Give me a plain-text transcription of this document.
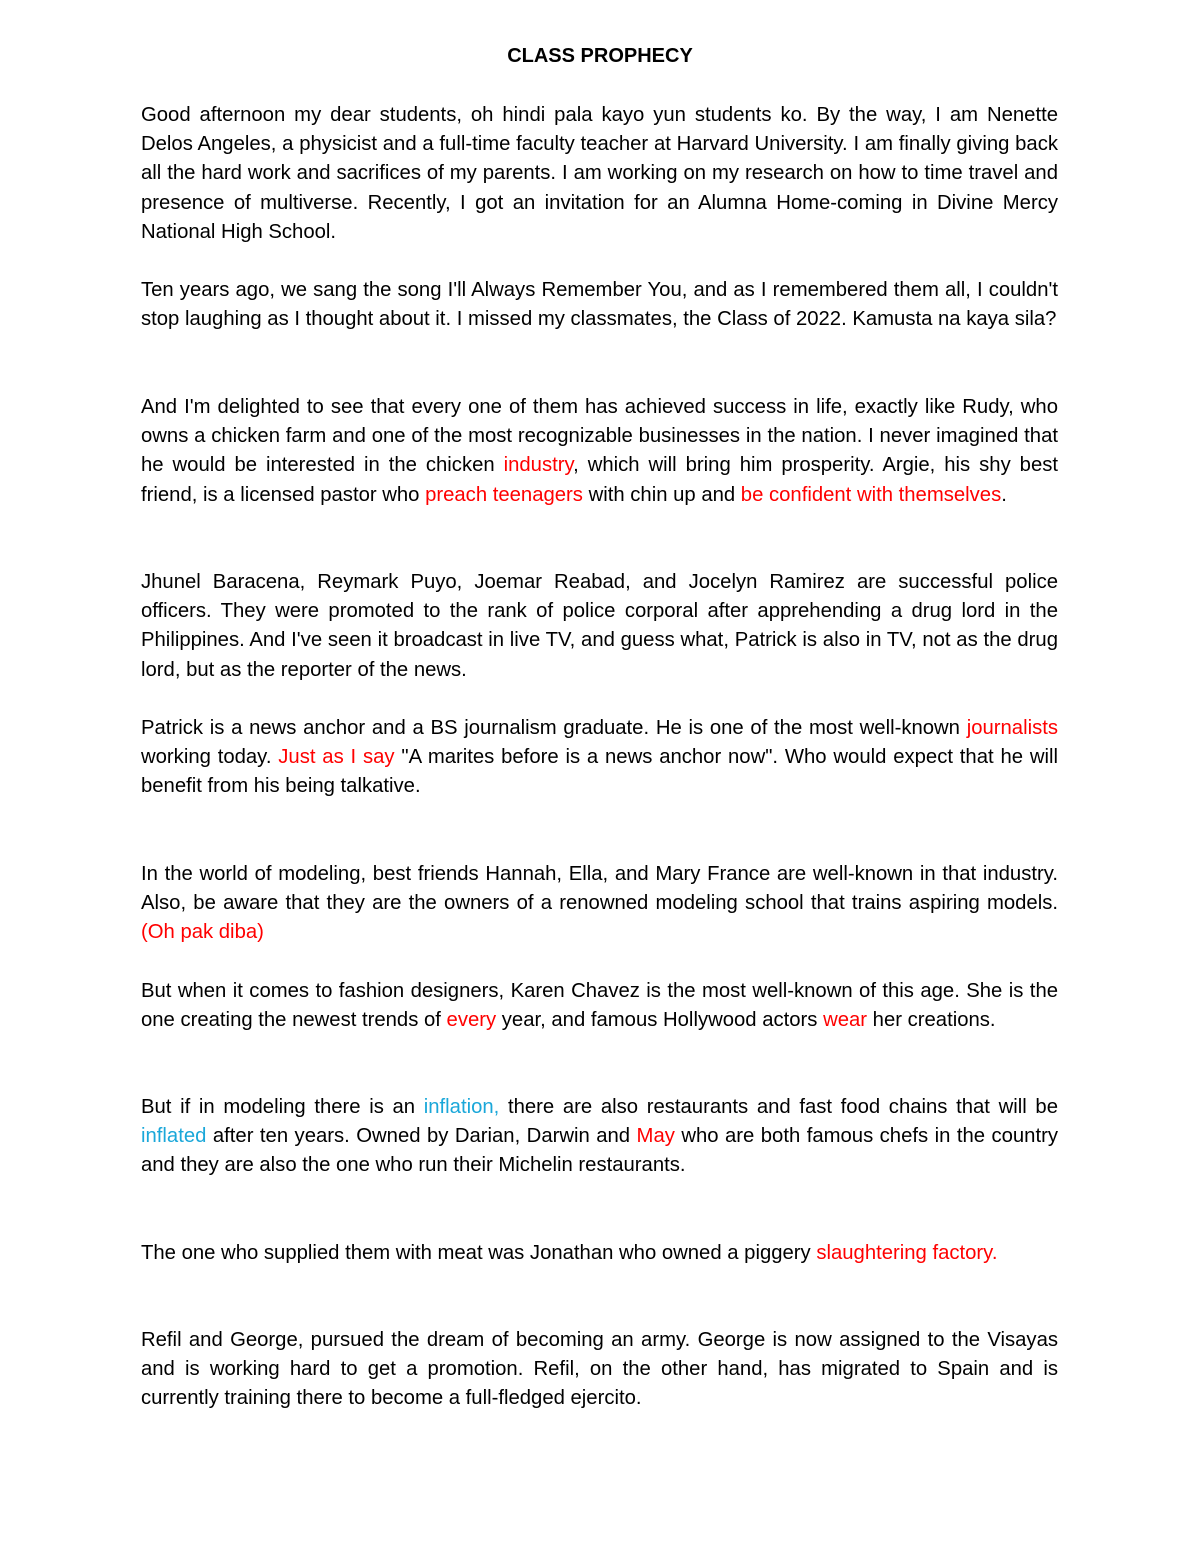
CLASS PROPHECY

Good afternoon my dear students, oh hindi pala kayo yun students ko. By the way, I am Nenette Delos Angeles, a physicist and a full-time faculty teacher at Harvard University. I am finally giving back all the hard work and sacrifices of my parents. I am working on my research on how to time travel and presence of multiverse. Recently, I got an invitation for an Alumna Home-coming in Divine Mercy National High School.

Ten years ago, we sang the song I'll Always Remember You, and as I remembered them all, I couldn't stop laughing as I thought about it. I missed my classmates, the Class of 2022. Kamusta na kaya sila?

And I'm delighted to see that every one of them has achieved success in life, exactly like Rudy, who owns a chicken farm and one of the most recognizable businesses in the nation. I never imagined that he would be interested in the chicken industry, which will bring him prosperity. Argie, his shy best friend, is a licensed pastor who preach teenagers with chin up and be confident with themselves.

Jhunel Baracena, Reymark Puyo, Joemar Reabad, and Jocelyn Ramirez are successful police officers. They were promoted to the rank of police corporal after apprehending a drug lord in the Philippines. And I've seen it broadcast in live TV, and guess what, Patrick is also in TV, not as the drug lord, but as the reporter of the news.

Patrick is a news anchor and a BS journalism graduate. He is one of the most well-known journalists working today. Just as I say "A marites before is a news anchor now". Who would expect that he will benefit from his being talkative.

In the world of modeling, best friends Hannah, Ella, and Mary France are well-known in that industry. Also, be aware that they are the owners of a renowned modeling school that trains aspiring models. (Oh pak diba)

But when it comes to fashion designers, Karen Chavez is the most well-known of this age. She is the one creating the newest trends of every year, and famous Hollywood actors wear her creations.

But if in modeling there is an inflation, there are also restaurants and fast food chains that will be inflated after ten years. Owned by Darian, Darwin and May who are both famous chefs in the country and they are also the one who run their Michelin restaurants.

The one who supplied them with meat was Jonathan who owned a piggery slaughtering factory.

Refil and George, pursued the dream of becoming an army. George is now assigned to the Visayas and is working hard to get a promotion. Refil, on the other hand, has migrated to Spain and is currently training there to become a full-fledged ejercito.
